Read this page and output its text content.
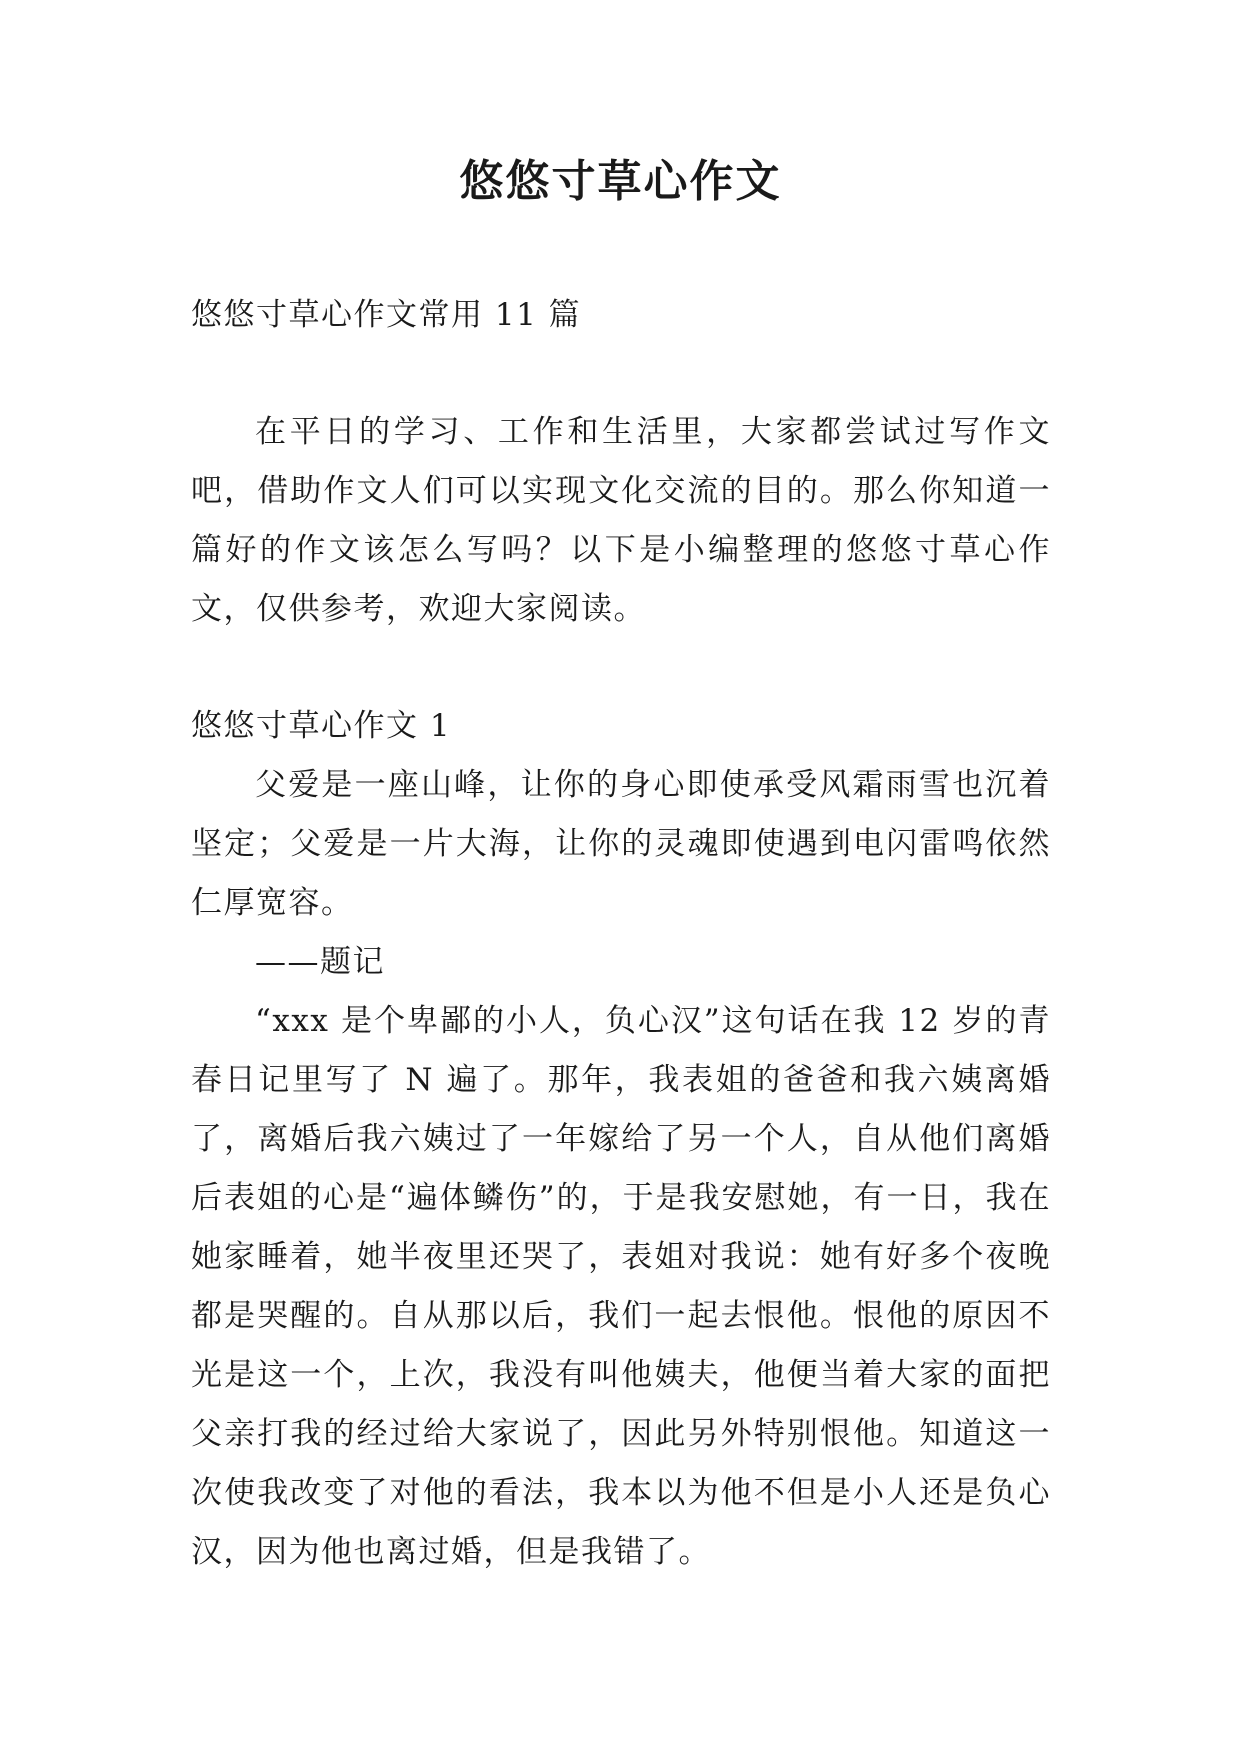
悠悠寸草心作文

悠悠寸草心作文常用 11 篇

在平日的学习、工作和生活里，大家都尝试过写作文吧，借助作文人们可以实现文化交流的目的。那么你知道一篇好的作文该怎么写吗？以下是小编整理的悠悠寸草心作文，仅供参考，欢迎大家阅读。

悠悠寸草心作文 1

父爱是一座山峰，让你的身心即使承受风霜雨雪也沉着坚定；父爱是一片大海，让你的灵魂即使遇到电闪雷鸣依然仁厚宽容。

——题记

“xxx 是个卑鄙的小人，负心汉”这句话在我 12 岁的青春日记里写了 N 遍了。那年，我表姐的爸爸和我六姨离婚了，离婚后我六姨过了一年嫁给了另一个人，自从他们离婚后表姐的心是“遍体鳞伤”的，于是我安慰她，有一日，我在她家睡着，她半夜里还哭了，表姐对我说：她有好多个夜晚都是哭醒的。自从那以后，我们一起去恨他。恨他的原因不光是这一个，上次，我没有叫他姨夫，他便当着大家的面把父亲打我的经过给大家说了，因此另外特别恨他。知道这一次使我改变了对他的看法，我本以为他不但是小人还是负心汉，因为他也离过婚，但是我错了。
